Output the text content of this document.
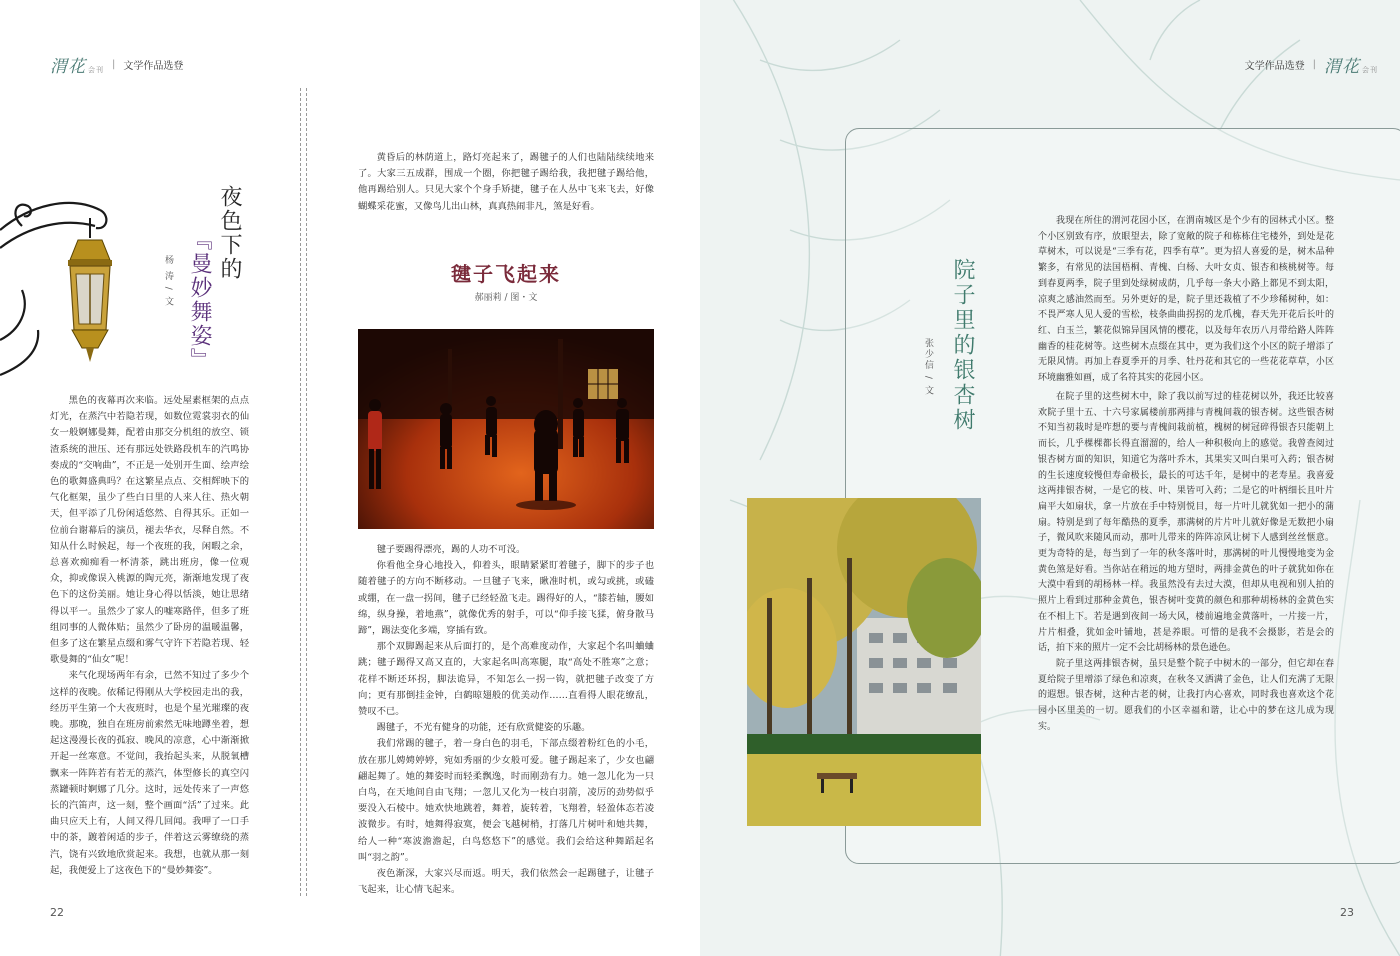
渭花 会刊 | 文学作品选登
夜色下的
『曼妙舞姿』
杨 涛 / 文

黑色的夜幕再次来临。远处屋素框架的点点灯光，在蒸汽中若隐若现，如数位霓裳羽衣的仙女一般婀娜曼舞，配着由那交分机组的放空、锁渣系统的泄压、还有那远处铁路段机车的汽鸣协奏成的“交响曲”，不正是一处别开生面、绘声绘色的歌舞盛典吗？在这繁星点点、交相辉映下的气化框架，虽少了些白日里的人来人往、热火朝天，但平添了几份闲适悠然、自得其乐。正如一位前台谢幕后的演员，褪去华衣，尽释自然。不知从什么时候起，每一个夜班的我，闲暇之余，总喜欢痴痴看一杯清茶，跳出班房，像一位观众，抑或像误入桃源的陶元亮，渐渐地发现了夜色下的这份美丽。她让身心得以恬淡，她让思绪得以平一。虽然少了家人的嘘寒路伴，但多了班组同事的人微体贴；虽然少了卧房的温暖温馨，但多了这在繁星点缀和雾气守许下若隐若现、轻歌曼舞的“仙女”呢！

来气化现场两年有余，已然不知过了多少个这样的夜晚。依稀记得刚从大学校园走出的我，经历平生第一个大夜班时，也是个星光璀璨的夜晚。那晚，独自在班房前索然无味地蹲坐着，想起这漫漫长夜的孤寂、晚风的凉意，心中渐渐掀开起一丝寒意。不觉间，我抬起头来，从脱氧槽飘来一阵阵若有若无的蒸汽，体型修长的真空闪蒸罐顿时婀娜了几分。这时，远处传来了一声悠长的汽笛声，这一刻，整个画面“活”了过来。此曲只应天上有，人间又得几回闻。我呷了一口手中的茶，踱着闲适的步子，伴着这云雾缭绕的蒸汽，饶有兴致地欣赏起来。我想，也就从那一刻起，我便爱上了这夜色下的“曼妙舞姿”。

22

黄昏后的林荫道上，路灯亮起来了，踢毽子的人们也陆陆续续地来了。大家三五成群，围成一个圈，你把毽子踢给我，我把毽子踢给他，他再踢给别人。只见大家个个身手矫捷，毽子在人丛中飞来飞去，好像蝴蝶采花蜜，又像鸟儿出山林，真真热闹非凡，煞是好看。

毽子飞起来
郝丽莉 / 图・文

毽子要踢得漂亮，踢的人功不可没。

你看他全身心地投入，仰着头，眼睛紧紧盯着毽子，脚下的步子也随着毽子的方向不断移动。一旦毽子飞来，瞅准时机，或勾或挑，或磕或绷，在一盘一拐间，毽子已经轻盈飞走。踢得好的人，“膝若轴，腰如绵，纵身操，着地燕”，就像优秀的射手，可以“仰手接飞猱，俯身散马蹄”，踢法变化多端，穿插有致。

那个双脚踢起来从后面打的，是个高难度动作，大家起个名叫蛐蛐跳；毽子踢得又高又直的，大家起名叫高寒腿，取“高处不胜寒”之意；花样不断还环拐，脚法诡异，不知怎么一拐一钩，就把毽子改变了方向；更有那倒挂金钟，白鹤晾翅般的优美动作……直看得人眼花缭乱，赞叹不已。

踢毽子，不光有健身的功能，还有欣赏健姿的乐趣。

我们常踢的毽子，着一身白色的羽毛，下部点缀着粉红色的小毛，放在那儿娉娉婷婷，宛如秀丽的少女般可爱。毽子踢起来了，少女也翩翩起舞了。她的舞姿时而轻柔飘逸，时而刚劲有力。她一忽儿化为一只白鸟，在天地间自由飞翔；一忽儿又化为一枝白羽箭，凌厉的劲势似乎要没入石棱中。她欢快地跳着，舞着，旋转着，飞翔着，轻盈体态若凌波微步。有时，她舞得寂寞，便会飞越树梢，打落几片树叶和她共舞，给人一种“寒波澹澹起，白鸟悠悠下”的感觉。我们会给这种舞蹈起名叫“羽之韵”。

夜色渐深，大家兴尽而返。明天，我们依然会一起踢毽子，让毽子飞起来，让心情飞起来。

文学作品选登 | 渭花 会刊
23
院子里的银杏树
张少信 / 文

我现在所住的渭河花园小区，在渭南城区是个少有的园林式小区。整个小区别致有序，放眼望去，除了宽敞的院子和栋栋住宅楼外，到处是花草树木，可以说是“三季有花，四季有草”。更为招人喜爱的是，树木品种繁多，有常见的法国梧桐、青槐、白杨、大叶女贞、银杏和核桃树等。每到春夏两季，院子里到处绿树成荫，几乎每一条大小路上都见不到太阳，凉爽之感油然而至。另外更好的是，院子里还栽植了不少珍稀树种，如：不畏严寒人见人爱的雪松，枝条曲曲拐拐的龙爪槐，春天先开花后长叶的红、白玉兰，繁花似锦异国风情的樱花，以及每年农历八月带给路人阵阵幽香的桂花树等。这些树木点缀在其中，更为我们这个小区的院子增添了无限风情。再加上春夏季开的月季、牡丹花和其它的一些花花草草，小区环境幽雅如画，成了名符其实的花园小区。

在院子里的这些树木中，除了我以前写过的桂花树以外，我还比较喜欢院子里十五、十六号家属楼前那两排与青槐间栽的银杏树。这些银杏树不知当初栽时是咋想的要与青槐间栽前植，槐树的树冠碎得银杏只能朝上而长，几乎棵棵都长得直溜溜的，给人一种积极向上的感觉。我曾查阅过银杏树方面的知识，知道它为落叶乔木，其果实又叫白果可入药；银杏树的生长速度较慢但寿命极长，最长的可达千年，是树中的老寿星。我喜爱这两排银杏树，一是它的枝、叶、果皆可入药；二是它的叶柄细长且叶片扁平大如扇状，拿一片放在手中特别悦目，每一片叶儿就犹如一把小的蒲扇。特别是到了每年酷热的夏季，那满树的片片叶儿就好像是无数把小扇子，微风吹来随风而动，那叶儿带来的阵阵凉风让树下人感到丝丝惬意。更为奇特的是，每当到了一年的秋冬落叶时，那满树的叶儿慢慢地变为金黄色煞是好看。当你站在稍远的地方望时，两排金黄色的叶子就犹如你在大漠中看到的胡杨林一样。我虽然没有去过大漠，但却从电视和别人拍的照片上看到过那种金黄色，银杏树叶变黄的颜色和那种胡杨林的金黄色实在不相上下。若是遇到夜间一场大风，楼前遍地金黄落叶，一片接一片，片片相叠，犹如金叶铺地，甚是养眼。可惜的是我不会摄影，若是会的话，拍下来的照片一定不会比胡杨林的景色逊色。

院子里这两排银杏树，虽只是整个院子中树木的一部分，但它却在春夏给院子里增添了绿色和凉爽，在秋冬又洒满了金色，让人们充满了无限的遐想。银杏树，这种古老的树，让我打内心喜欢，同时我也喜欢这个花园小区里美的一切。愿我们的小区幸福和谐，让心中的梦在这儿成为现实。
